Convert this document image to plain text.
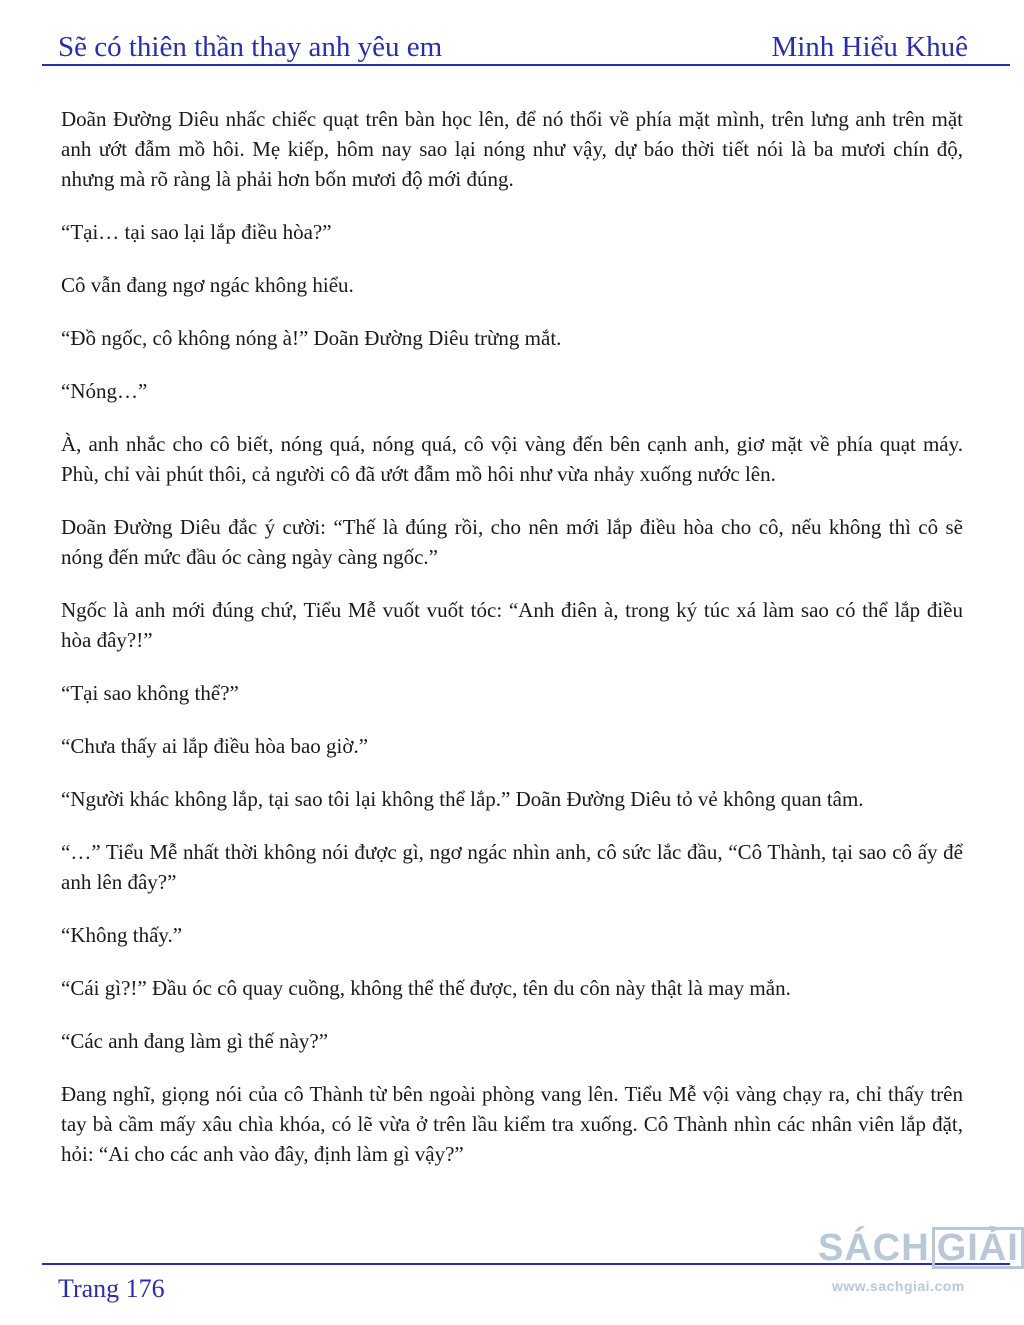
Sẽ có thiên thần thay anh yêu em	Minh Hiểu Khuê

Doãn Đường Diêu nhấc chiếc quạt trên bàn học lên, để nó thổi về phía mặt mình, trên lưng anh trên mặt anh ướt đẫm mồ hôi. Mẹ kiếp, hôm nay sao lại nóng như vậy, dự báo thời tiết nói là ba mươi chín độ, nhưng mà rõ ràng là phải hơn bốn mươi độ mới đúng.

“Tại… tại sao lại lắp điều hòa?”

Cô vẫn đang ngơ ngác không hiểu.

“Đồ ngốc, cô không nóng à!” Doãn Đường Diêu trừng mắt.

“Nóng…”

À, anh nhắc cho cô biết, nóng quá, nóng quá, cô vội vàng đến bên cạnh anh, giơ mặt về phía quạt máy. Phù, chỉ vài phút thôi, cả người cô đã ướt đẫm mồ hôi như vừa nhảy xuống nước lên.

Doãn Đường Diêu đắc ý cười: “Thế là đúng rồi, cho nên mới lắp điều hòa cho cô, nếu không thì cô sẽ nóng đến mức đầu óc càng ngày càng ngốc.”

Ngốc là anh mới đúng chứ, Tiểu Mễ vuốt vuốt tóc: “Anh điên à, trong ký túc xá làm sao có thể lắp điều hòa đây?!”

“Tại sao không thể?”

“Chưa thấy ai lắp điều hòa bao giờ.”

“Người khác không lắp, tại sao tôi lại không thể lắp.” Doãn Đường Diêu tỏ vẻ không quan tâm.

“…” Tiểu Mễ nhất thời không nói được gì, ngơ ngác nhìn anh, cô sức lắc đầu, “Cô Thành, tại sao cô ấy để anh lên đây?”

“Không thấy.”

“Cái gì?!” Đầu óc cô quay cuồng, không thể thế được, tên du côn này thật là may mắn.

“Các anh đang làm gì thế này?”

Đang nghĩ, giọng nói của cô Thành từ bên ngoài phòng vang lên. Tiểu Mễ vội vàng chạy ra, chỉ thấy trên tay bà cầm mấy xâu chìa khóa, có lẽ vừa ở trên lầu kiểm tra xuống. Cô Thành nhìn các nhân viên lắp đặt, hỏi: “Ai cho các anh vào đây, định làm gì vậy?”

Trang 176
SÁCH GIẢI
www.sachgiai.com
